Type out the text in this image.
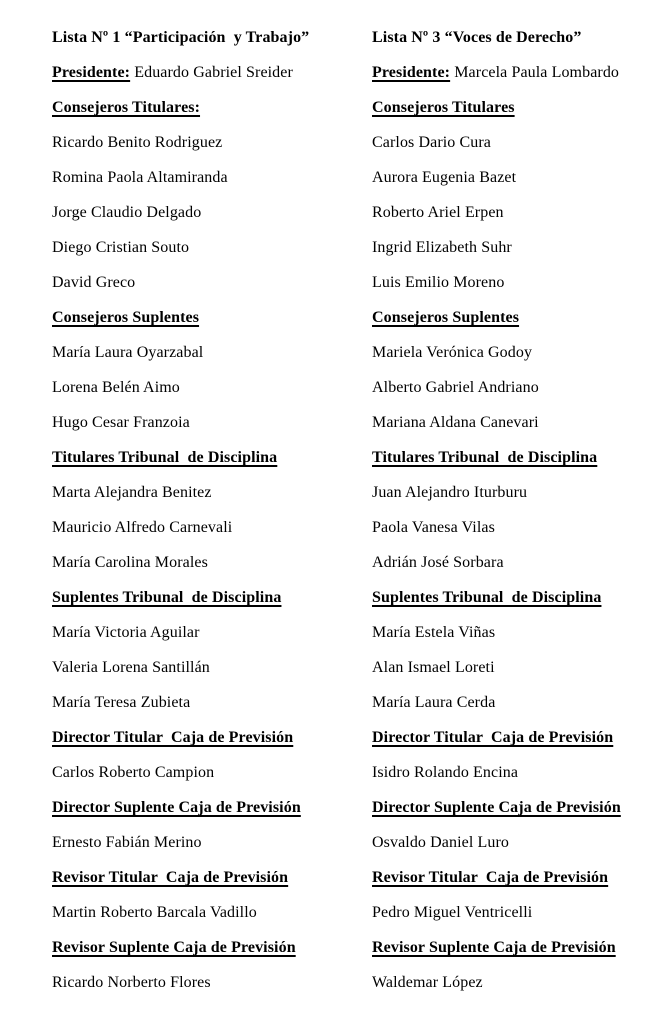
Lista Nº 1 “Participación  y Trabajo”
Presidente: Eduardo Gabriel Sreider
Consejeros Titulares:
Ricardo Benito Rodriguez
Romina Paola Altamiranda
Jorge Claudio Delgado
Diego Cristian Souto
David Greco
Consejeros Suplentes
María Laura Oyarzabal
Lorena Belén Aimo
Hugo Cesar Franzoia
Titulares Tribunal  de Disciplina
Marta Alejandra Benitez
Mauricio Alfredo Carnevali
María Carolina Morales
Suplentes Tribunal  de Disciplina
María Victoria Aguilar
Valeria Lorena Santillán
María Teresa Zubieta
Director Titular  Caja de Previsión
Carlos Roberto Campion
Director Suplente Caja de Previsión
Ernesto Fabián Merino
Revisor Titular  Caja de Previsión
Martin Roberto Barcala Vadillo
Revisor Suplente Caja de Previsión
Ricardo Norberto Flores
Lista Nº 3 “Voces de Derecho”
Presidente: Marcela Paula Lombardo
Consejeros Titulares
Carlos Dario Cura
Aurora Eugenia Bazet
Roberto Ariel Erpen
Ingrid Elizabeth Suhr
Luis Emilio Moreno
Consejeros Suplentes
Mariela Verónica Godoy
Alberto Gabriel Andriano
Mariana Aldana Canevari
Titulares Tribunal  de Disciplina
Juan Alejandro Iturburu
Paola Vanesa Vilas
Adrián José Sorbara
Suplentes Tribunal  de Disciplina
María Estela Viñas
Alan Ismael Loreti
María Laura Cerda
Director Titular  Caja de Previsión
Isidro Rolando Encina
Director Suplente Caja de Previsión
Osvaldo Daniel Luro
Revisor Titular  Caja de Previsión
Pedro Miguel Ventricelli
Revisor Suplente Caja de Previsión
Waldemar López
